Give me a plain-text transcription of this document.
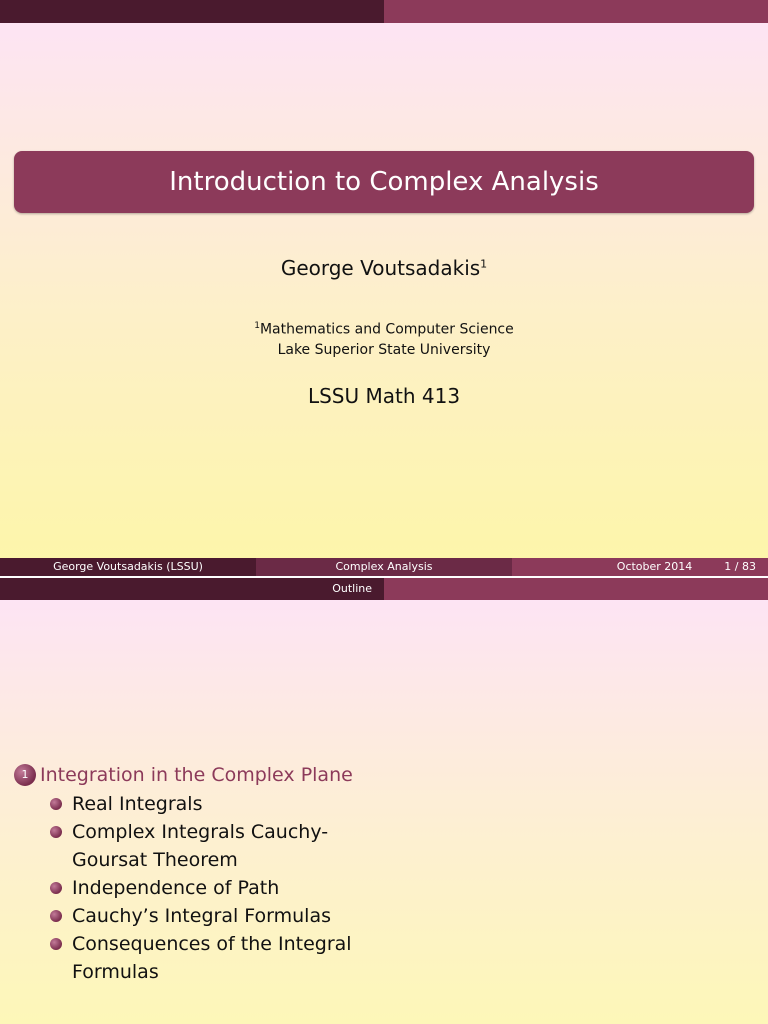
Introduction to Complex Analysis
George Voutsadakis$^1$
$^1$Mathematics and Computer Science
Lake Superior State University
LSSU Math 413
George Voutsadakis (LSSU)	Complex Analysis	October 2014	1 / 83
Outline
1 Integration in the Complex Plane
Real Integrals
Complex Integrals Cauchy-Goursat Theorem
Independence of Path
Cauchy’s Integral Formulas
Consequences of the Integral Formulas
